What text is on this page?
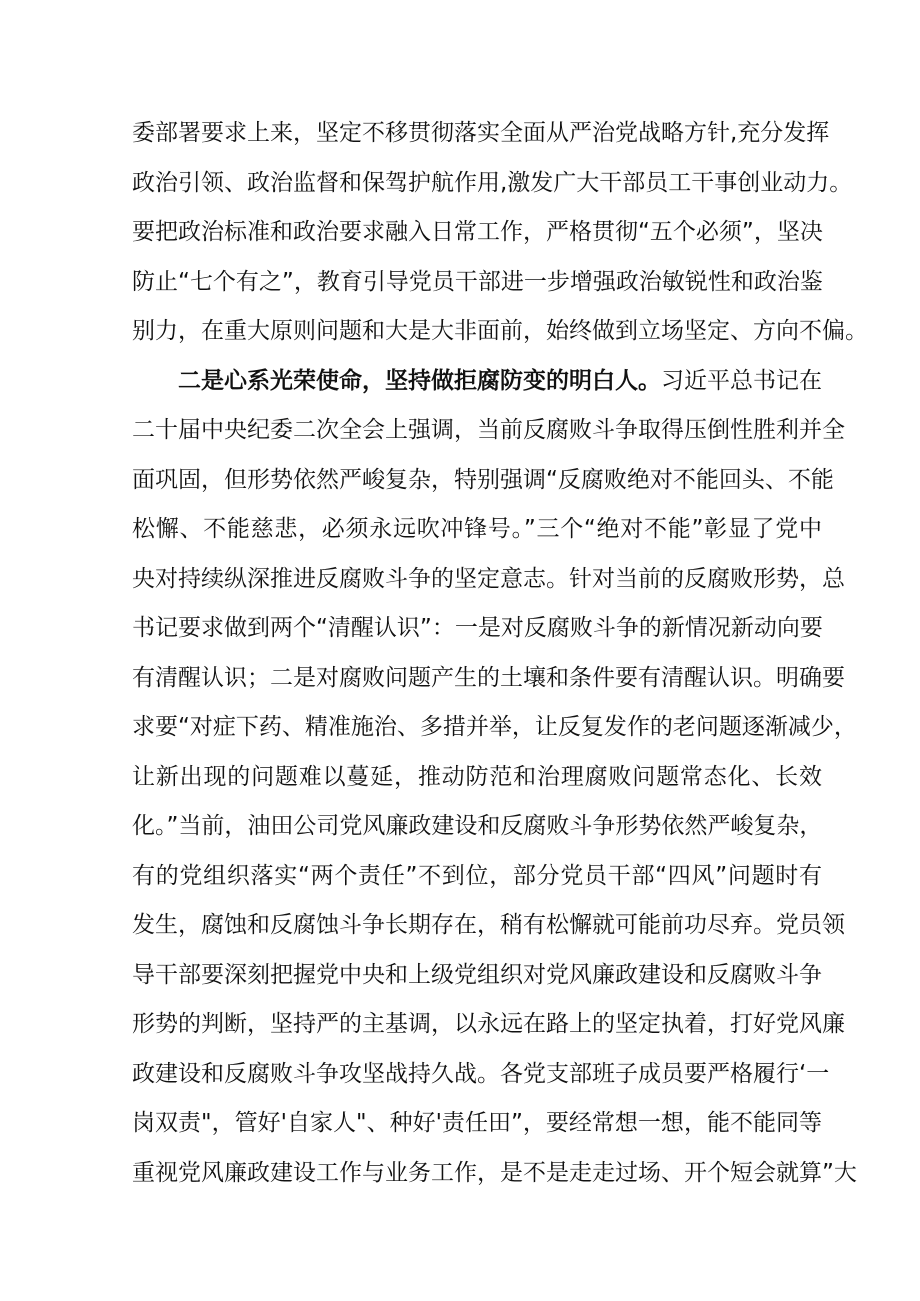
委部署要求上来，坚定不移贯彻落实全面从严治党战略方针,充分发挥
政治引领、政治监督和保驾护航作用,激发广大干部员工干事创业动力。
要把政治标准和政治要求融入日常工作，严格贯彻“五个必须”，坚决
防止“七个有之”，教育引导党员干部进一步增强政治敏锐性和政治鉴
别力，在重大原则问题和大是大非面前，始终做到立场坚定、方向不偏。
二是心系光荣使命，坚持做拒腐防变的明白人。习近平总书记在
二十届中央纪委二次全会上强调，当前反腐败斗争取得压倒性胜利并全
面巩固，但形势依然严峻复杂，特别强调“反腐败绝对不能回头、不能
松懈、不能慈悲，必须永远吹冲锋号。”三个“绝对不能”彰显了党中
央对持续纵深推进反腐败斗争的坚定意志。针对当前的反腐败形势，总
书记要求做到两个“清醒认识”：一是对反腐败斗争的新情况新动向要
有清醒认识；二是对腐败问题产生的土壤和条件要有清醒认识。明确要
求要“对症下药、精准施治、多措并举，让反复发作的老问题逐渐减少，
让新出现的问题难以蔓延，推动防范和治理腐败问题常态化、长效
化。”当前，油田公司党风廉政建设和反腐败斗争形势依然严峻复杂，
有的党组织落实“两个责任”不到位，部分党员干部“四风”问题时有
发生，腐蚀和反腐蚀斗争长期存在，稍有松懈就可能前功尽弃。党员领
导干部要深刻把握党中央和上级党组织对党风廉政建设和反腐败斗争
形势的判断，坚持严的主基调，以永远在路上的坚定执着，打好党风廉
政建设和反腐败斗争攻坚战持久战。各党支部班子成员要严格履行‘一
岗双责"，管好'自家人"、种好'责任田”，要经常想一想，能不能同等
重视党风廉政建设工作与业务工作，是不是走走过场、开个短会就算”大
